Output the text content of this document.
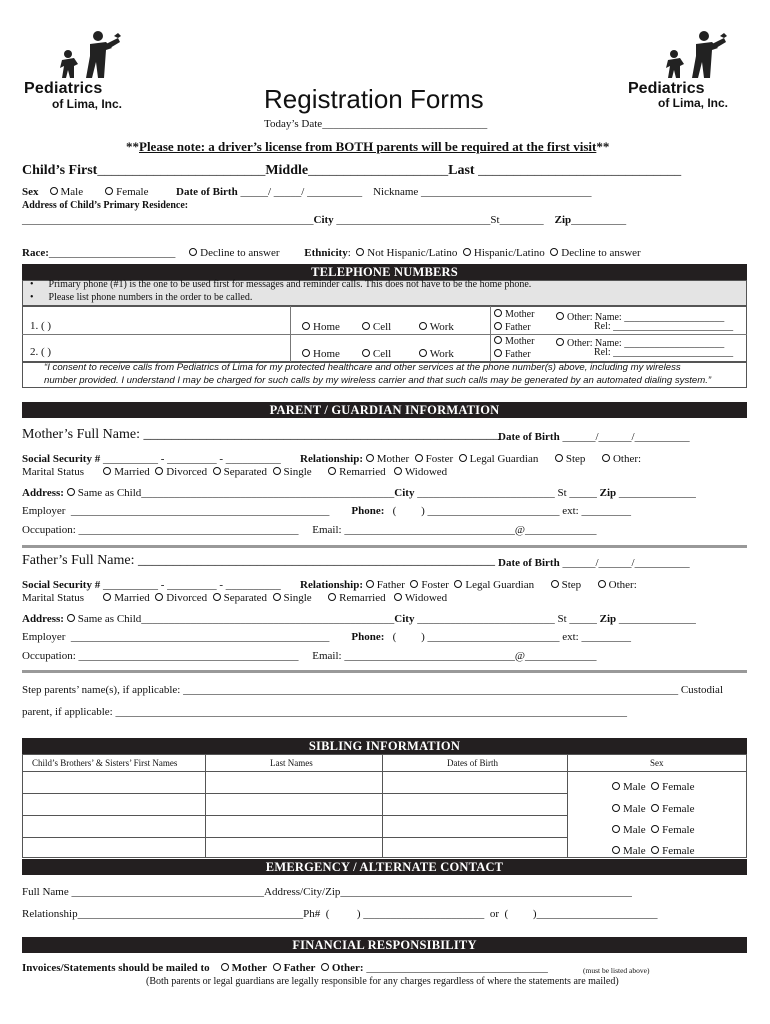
Pediatrics
of Lima, Inc.
Pediatrics
of Lima, Inc.
Registration Forms
Today’s Date______________________________
**Please note: a driver’s license from BOTH parents will be required at the first visit**
Child’s First________________________Middle____________________Last _____________________________
Sex Male	Female	Date of Birth _____/ _____/ __________ Nickname _______________________________
Address of Child’s Primary Residence:
_____________________________________________________City ____________________________St________    Zip__________
Race:_______________________     Decline to answer Ethnicity:  Not Hispanic/Latino Hispanic/Latino Decline to answer
TELEPHONE NUMBERS
•      Primary phone (#1) is the one to be used first for messages and reminder calls. This does not have to be the home phone.
•      Please list phone numbers in the order to be called.
1. ( )	Home	Cell	Work
Mother
Father
Other: Name: ____________________
Rel: ________________________
2. ( )	Home	Cell	Work
Mother
Father
Other: Name: ____________________
Rel: ________________________
“I consent to receive calls from Pediatrics of Lima for my protected healthcare and other services at the phone number(s) above, including my wireless
number provided. I understand I may be charged for such calls by my wireless carrier and that such calls may be generated by an automated dialing system.”
PARENT / GUARDIAN INFORMATION
Mother’s Full Name: ___________________________________________________
Date of Birth ______/______/__________
Social Security # __________ - _________ - __________       Relationship: Mother Foster Legal Guardian	Step	Other:
Marital Status	Married Divorced Separated Single	Remarried Widowed
Address: Same as Child______________________________________________City _________________________ St _____ Zip ______________
Employer  _______________________________________________        Phone: ( ) ________________________ ext: _________
Occupation: ________________________________________     Email: _______________________________@_____________
Father’s Full Name: ___________________________________________________ Date of Birth ______/______/__________
Social Security # __________ - _________ - __________       Relationship: Father Foster Legal Guardian	Step	Other:
Marital Status	Married Divorced Separated Single	Remarried Widowed
Address: Same as Child______________________________________________City _________________________ St _____ Zip ______________
Employer  _______________________________________________        Phone: ( ) ________________________ ext: _________
Occupation: ________________________________________     Email: _______________________________@_____________
Step parents’ name(s), if applicable: __________________________________________________________________________________________ Custodial
parent, if applicable: _____________________________________________________________________________________________
SIBLING INFORMATION
Child’s Brothers’ & Sisters’ First Names	Last Names	Dates of Birth	Sex
Male Female
Male Female
Male Female
Male Female
EMERGENCY / ALTERNATE CONTACT
Full Name ___________________________________Address/City/Zip_____________________________________________________
Relationship_________________________________________Ph#  (          ) ______________________  or  (         )______________________
FINANCIAL RESPONSIBILITY
Invoices/Statements should be mailed to Mother Father Other: _________________________________	(must be listed above)
(Both parents or legal guardians are legally responsible for any charges regardless of where the statements are mailed)
